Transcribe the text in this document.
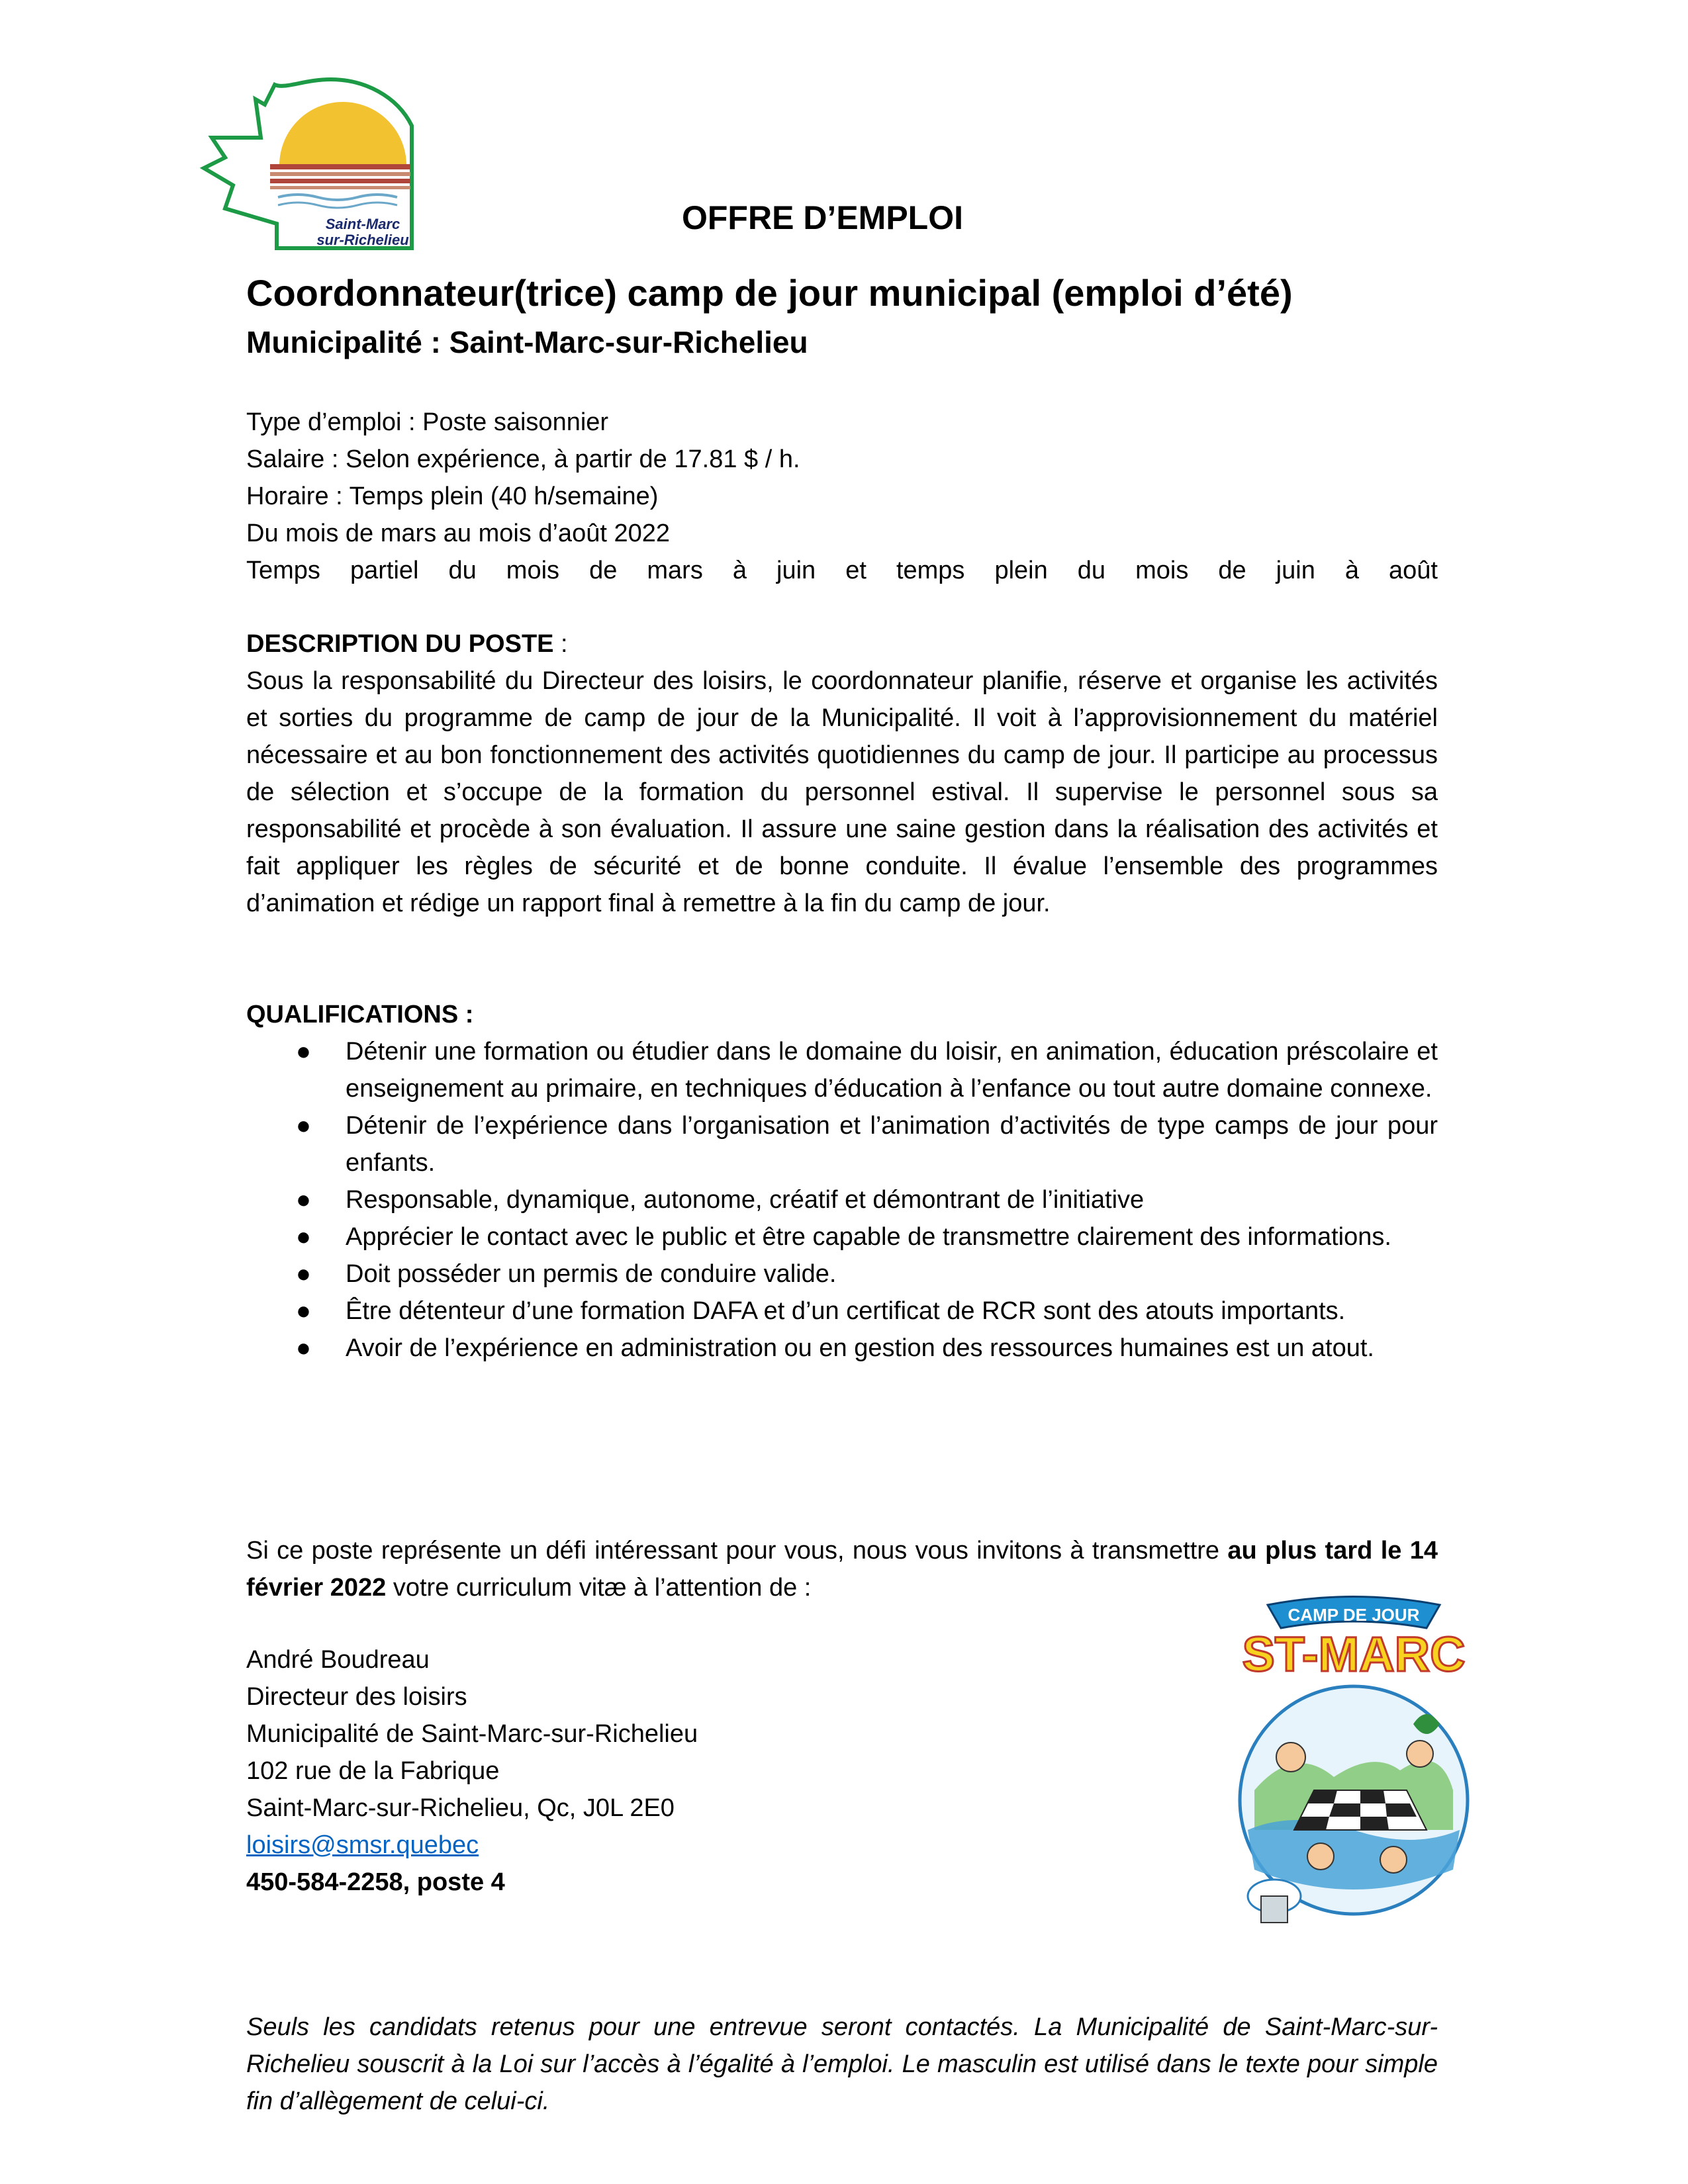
Saint-Marc
sur-Richelieu
OFFRE D’EMPLOI
Coordonnateur(trice) camp de jour municipal (emploi d’été)
Municipalité : Saint-Marc-sur-Richelieu
Type d’emploi : Poste saisonnier
Salaire : Selon expérience, à partir de 17.81 $ / h.
Horaire : Temps plein (40 h/semaine)
Du mois de mars au mois d’août 2022
Temps partiel du mois de mars à juin et temps plein du mois de juin à août
DESCRIPTION DU POSTE :
Sous la responsabilité du Directeur des loisirs, le coordonnateur planifie, réserve et organise les activités et sorties du programme de camp de jour de la Municipalité. Il voit à l’approvisionnement du matériel nécessaire et au bon fonctionnement des activités quotidiennes du camp de jour. Il participe au processus de sélection et s’occupe de la formation du personnel estival. Il supervise le personnel sous sa responsabilité et procède à son évaluation. Il assure une saine gestion dans la réalisation des activités et fait appliquer les règles de sécurité et de bonne conduite. Il évalue l’ensemble des programmes d’animation et rédige un rapport final à remettre à la fin du camp de jour.
QUALIFICATIONS :
● Détenir une formation ou étudier dans le domaine du loisir, en animation, éducation préscolaire et enseignement au primaire, en techniques d’éducation à l’enfance ou tout autre domaine connexe.
● Détenir de l’expérience dans l’organisation et l’animation d’activités de type camps de jour pour enfants.
● Responsable, dynamique, autonome, créatif et démontrant de l’initiative
● Apprécier le contact avec le public et être capable de transmettre clairement des informations.
● Doit posséder un permis de conduire valide.
● Être détenteur d’une formation DAFA et d’un certificat de RCR sont des atouts importants.
● Avoir de l’expérience en administration ou en gestion des ressources humaines est un atout.
Si ce poste représente un défi intéressant pour vous, nous vous invitons à transmettre au plus tard le 14 février 2022 votre curriculum vitæ à l’attention de :
André Boudreau
Directeur des loisirs
Municipalité de Saint-Marc-sur-Richelieu
102 rue de la Fabrique
Saint-Marc-sur-Richelieu, Qc, J0L 2E0
loisirs@smsr.quebec
450-584-2258, poste 4
CAMP DE JOUR
ST-MARC
Seuls les candidats retenus pour une entrevue seront contactés. La Municipalité de Saint-Marc-sur-Richelieu souscrit à la Loi sur l’accès à l’égalité à l’emploi. Le masculin est utilisé dans le texte pour simple fin d’allègement de celui-ci.
